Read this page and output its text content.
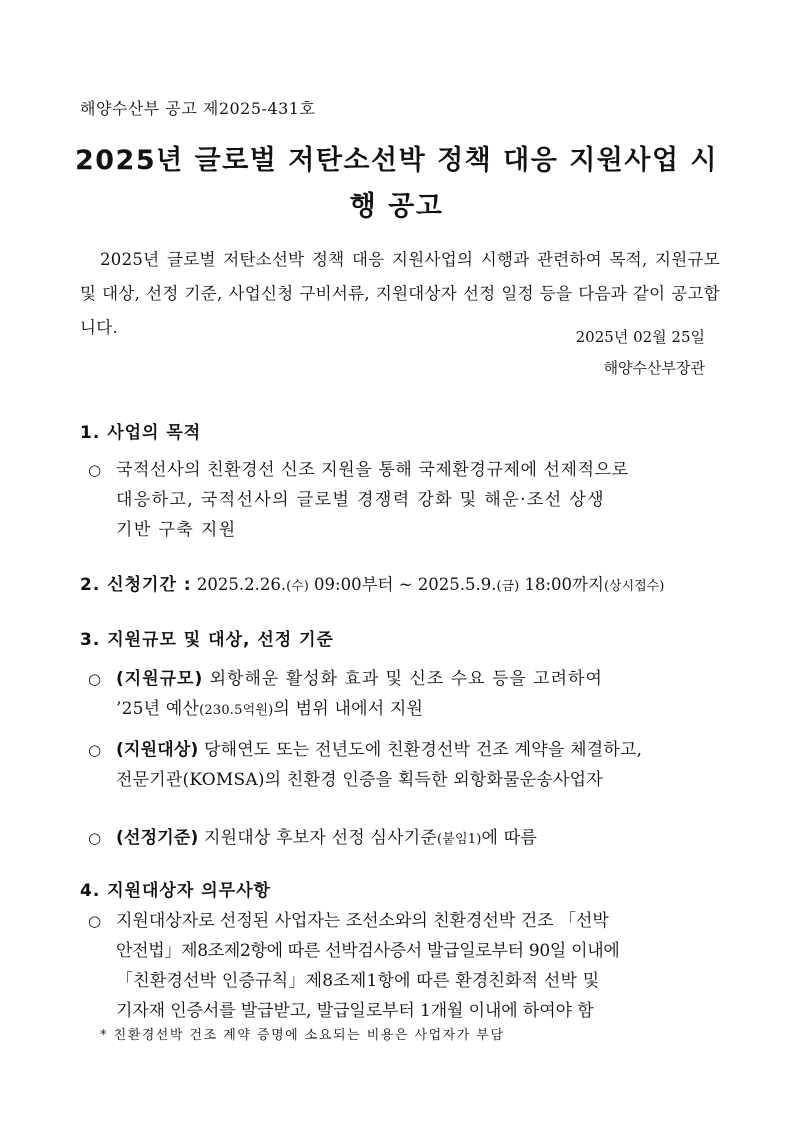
해양수산부 공고 제2025-431호
2025년 글로벌 저탄소선박 정책 대응 지원사업 시
행 공고
2025년 글로벌 저탄소선박 정책 대응 지원사업의 시행과 관련하여 목적, 지원규모 및 대상, 선정 기준, 사업신청 구비서류, 지원대상자 선정 일정 등을 다음과 같이 공고합니다.	2025년 02월 25일
해양수산부장관
1. 사업의 목적
○ 국적선사의 친환경선 신조 지원을 통해 국제환경규제에 선제적으로
대응하고, 국적선사의 글로벌 경쟁력 강화 및 해운·조선 상생
기반 구축 지원
2. 신청기간 : 2025.2.26.(수) 09:00부터 ~ 2025.5.9.(금) 18:00까지(상시접수)
3. 지원규모 및 대상, 선정 기준
○ (지원규모) 외항해운 활성화 효과 및 신조 수요 등을 고려하여
’25년 예산(230.5억원)의 범위 내에서 지원
○ (지원대상) 당해연도 또는 전년도에 친환경선박 건조 계약을 체결하고,
전문기관(KOMSA)의 친환경 인증을 획득한 외항화물운송사업자
○ (선정기준) 지원대상 후보자 선정 심사기준(붙임1)에 따름
4. 지원대상자 의무사항
○ 지원대상자로 선정된 사업자는 조선소와의 친환경선박 건조 「선박
안전법」제8조제2항에 따른 선박검사증서 발급일로부터 90일 이내에
「친환경선박 인증규칙」제8조제1항에 따른 환경친화적 선박 및
기자재 인증서를 발급받고, 발급일로부터 1개월 이내에 하여야 함
* 친환경선박 건조 계약 증명에 소요되는 비용은 사업자가 부담
